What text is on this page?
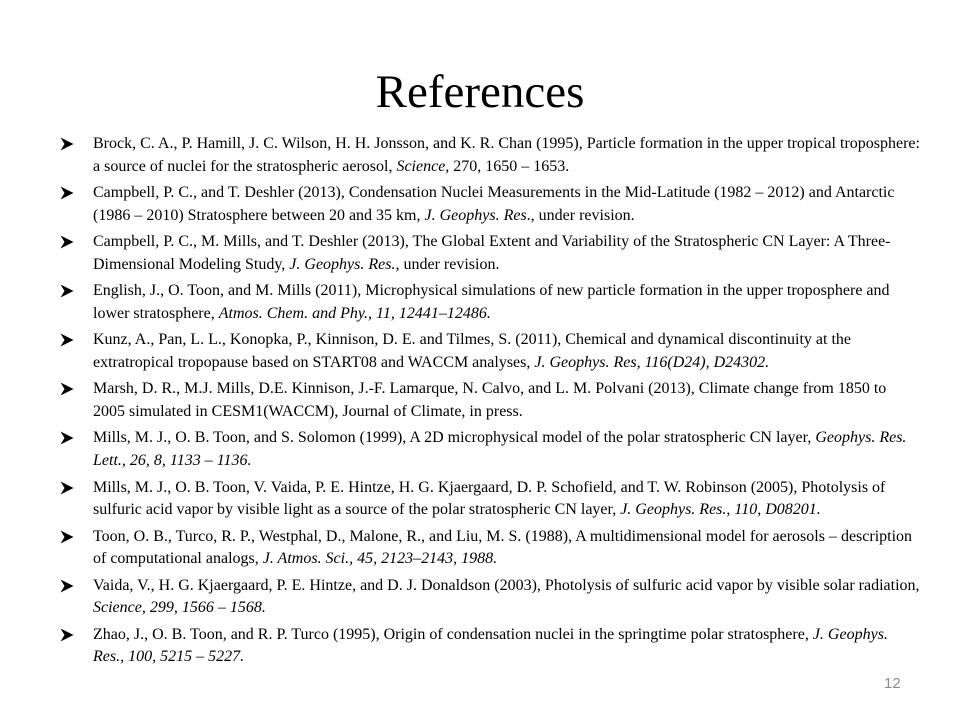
References
Brock, C. A., P. Hamill, J. C. Wilson, H. H. Jonsson, and K. R. Chan (1995), Particle formation in the upper tropical troposphere: a source of nuclei for the stratospheric aerosol, Science, 270, 1650 – 1653.
Campbell, P. C., and T. Deshler (2013), Condensation Nuclei Measurements in the Mid-Latitude (1982 – 2012) and Antarctic (1986 – 2010) Stratosphere between 20 and 35 km, J. Geophys. Res., under revision.
Campbell, P. C., M. Mills, and T. Deshler (2013), The Global Extent and Variability of the Stratospheric CN Layer: A Three-Dimensional Modeling Study, J. Geophys. Res., under revision.
English, J., O. Toon, and M. Mills (2011), Microphysical simulations of new particle formation in the upper troposphere and lower stratosphere, Atmos. Chem. and Phy., 11, 12441–12486.
Kunz, A., Pan, L. L., Konopka, P., Kinnison, D. E. and Tilmes, S. (2011), Chemical and dynamical discontinuity at the extratropical tropopause based on START08 and WACCM analyses, J. Geophys. Res, 116(D24), D24302.
Marsh, D. R., M.J. Mills, D.E. Kinnison, J.-F. Lamarque, N. Calvo, and L. M. Polvani (2013), Climate change from 1850 to 2005 simulated in CESM1(WACCM), Journal of Climate, in press.
Mills, M. J., O. B. Toon, and S. Solomon (1999), A 2D microphysical model of the polar stratospheric CN layer, Geophys. Res. Lett., 26, 8, 1133 – 1136.
Mills, M. J., O. B. Toon, V. Vaida, P. E. Hintze, H. G. Kjaergaard, D. P. Schofield, and T. W. Robinson (2005), Photolysis of sulfuric acid vapor by visible light as a source of the polar stratospheric CN layer, J. Geophys. Res., 110, D08201.
Toon, O. B., Turco, R. P., Westphal, D., Malone, R., and Liu, M. S. (1988), A multidimensional model for aerosols – description of computational analogs, J. Atmos. Sci., 45, 2123–2143, 1988.
Vaida, V., H. G. Kjaergaard, P. E. Hintze, and D. J. Donaldson (2003), Photolysis of sulfuric acid vapor by visible solar radiation, Science, 299, 1566 – 1568.
Zhao, J., O. B. Toon, and R. P. Turco (1995), Origin of condensation nuclei in the springtime polar stratosphere, J. Geophys. Res., 100, 5215 – 5227.
12
